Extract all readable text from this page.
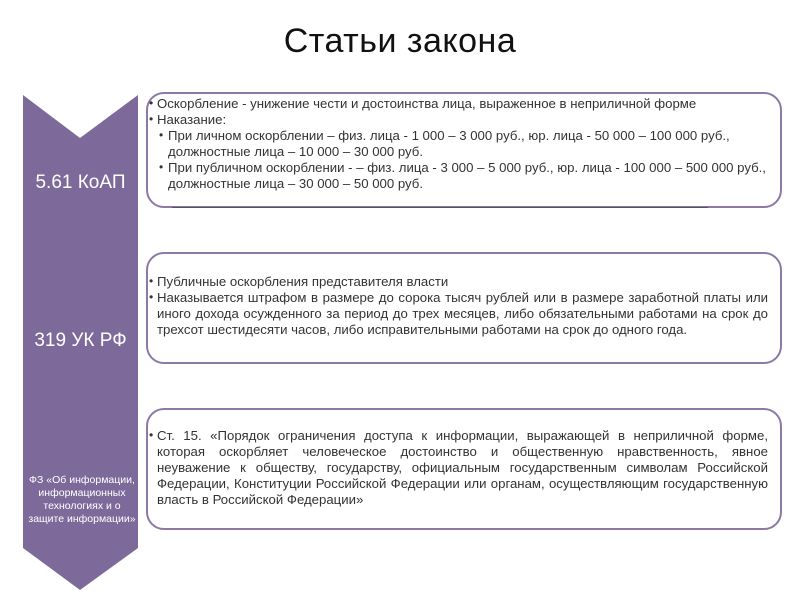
Статьи закона
5.61 КоАП
319 УК РФ
ФЗ «Об информации, информационных технологиях и о защите информации»
• Оскорбление - унижение чести и достоинства лица, выраженное в неприличной форме
• Наказание:
• При личном оскорблении – физ. лица - 1 000 – 3 000 руб., юр. лица - 50 000 – 100 000 руб., должностные лица – 10 000 – 30 000 руб.
• При публичном оскорблении - – физ. лица - 3 000 – 5 000 руб., юр. лица - 100 000 – 500 000 руб., должностные лица – 30 000 – 50 000 руб.
• Публичные оскорбления представителя власти
• Наказывается штрафом в размере до сорока тысяч рублей или в размере заработной платы или иного дохода осужденного за период до трех месяцев, либо обязательными работами на срок до трехсот шестидесяти часов, либо исправительными работами на срок до одного года.
• Ст. 15. «Порядок ограничения доступа к информации, выражающей в неприличной форме, которая оскорбляет человеческое достоинство и общественную нравственность, явное неуважение к обществу, государству, официальным государственным символам Российской Федерации, Конституции Российской Федерации или органам, осуществляющим государственную власть в Российской Федерации»
